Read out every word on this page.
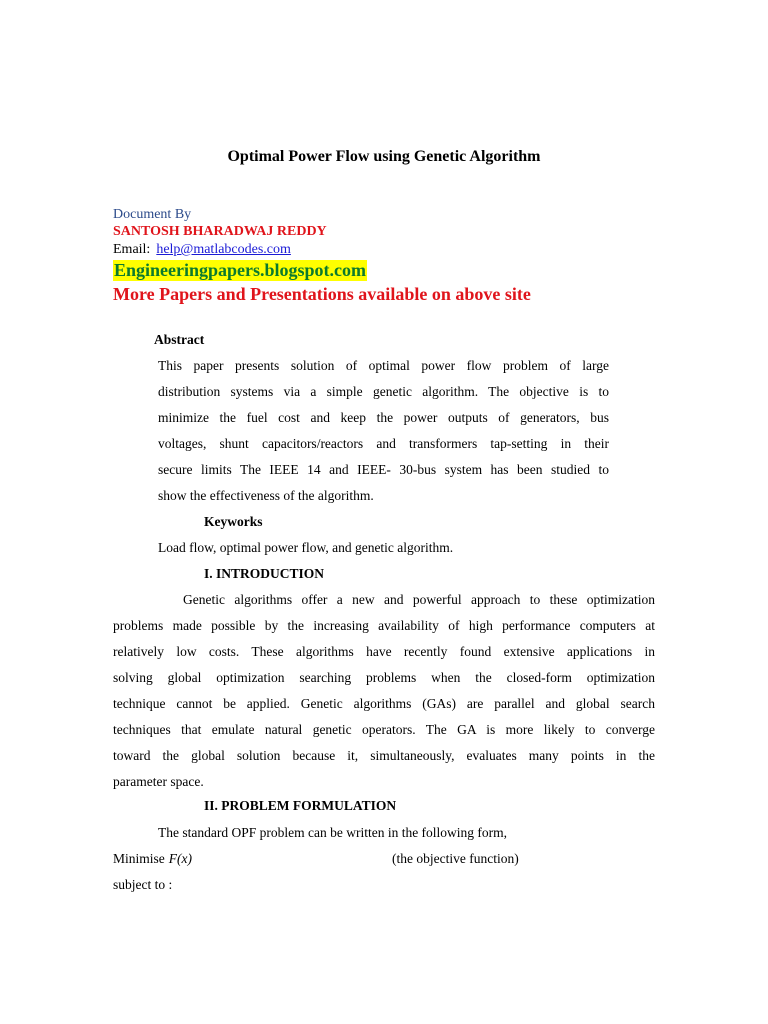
Optimal Power Flow using Genetic Algorithm
Document By
SANTOSH BHARADWAJ REDDY
Email: help@matlabcodes.com
Engineeringpapers.blogspot.com
More Papers and Presentations available on above site
Abstract
This paper presents solution of optimal power flow problem of large
distribution systems via a simple genetic algorithm. The objective is to
minimize the fuel cost and keep the power outputs of generators, bus
voltages, shunt capacitors/reactors and transformers tap-setting in their
secure limits The IEEE 14 and IEEE- 30-bus system has been studied to
show the effectiveness of the algorithm.
Keyworks
Load flow, optimal power flow, and genetic algorithm.
I. INTRODUCTION
Genetic algorithms offer a new and powerful approach to these optimization
problems made possible by the increasing availability of high performance computers at
relatively low costs. These algorithms have recently found extensive applications in
solving global optimization searching problems when the closed-form optimization
technique cannot be applied. Genetic algorithms (GAs) are parallel and global search
techniques that emulate natural genetic operators. The GA is more likely to converge
toward the global solution because it, simultaneously, evaluates many points in the
parameter space.
II. PROBLEM FORMULATION
The standard OPF problem can be written in the following form,
Minimise F(x)	(the objective function)
subject to :
